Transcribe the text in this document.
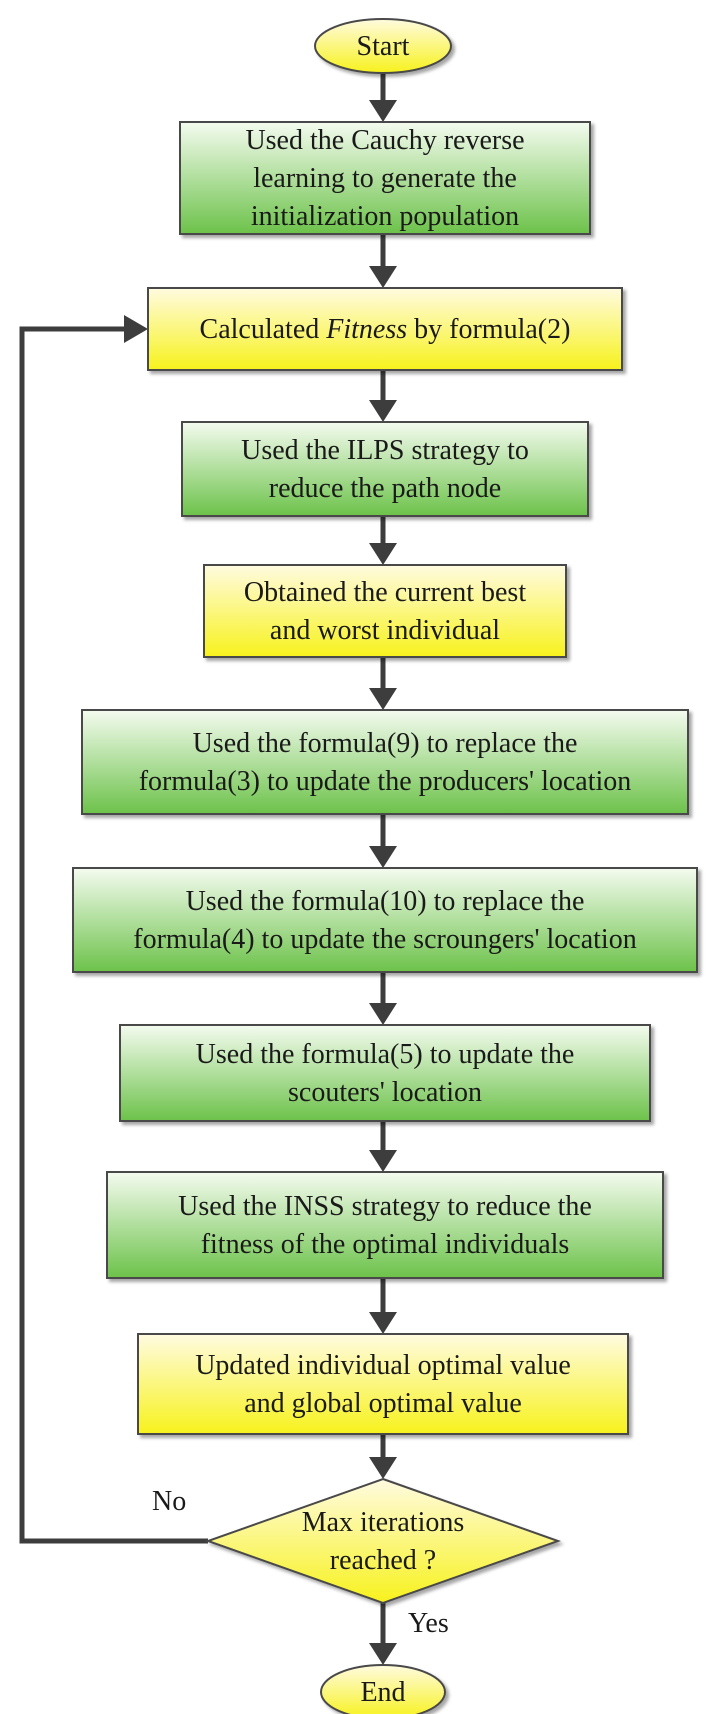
Start
Used the Cauchy reverse
learning to generate the
initialization population
Calculated Fitness by formula(2)
Used the ILPS strategy to
reduce the path node
Obtained the current best
and worst individual
Used the formula(9) to replace the
formula(3) to update the producers' location
Used the formula(10) to replace the
formula(4) to update the scroungers' location
Used the formula(5) to update the
scouters' location
Used the INSS strategy to reduce the
fitness of the optimal individuals
Updated individual optimal value
and global optimal value
Max iterations
reached ?
End
No
Yes
